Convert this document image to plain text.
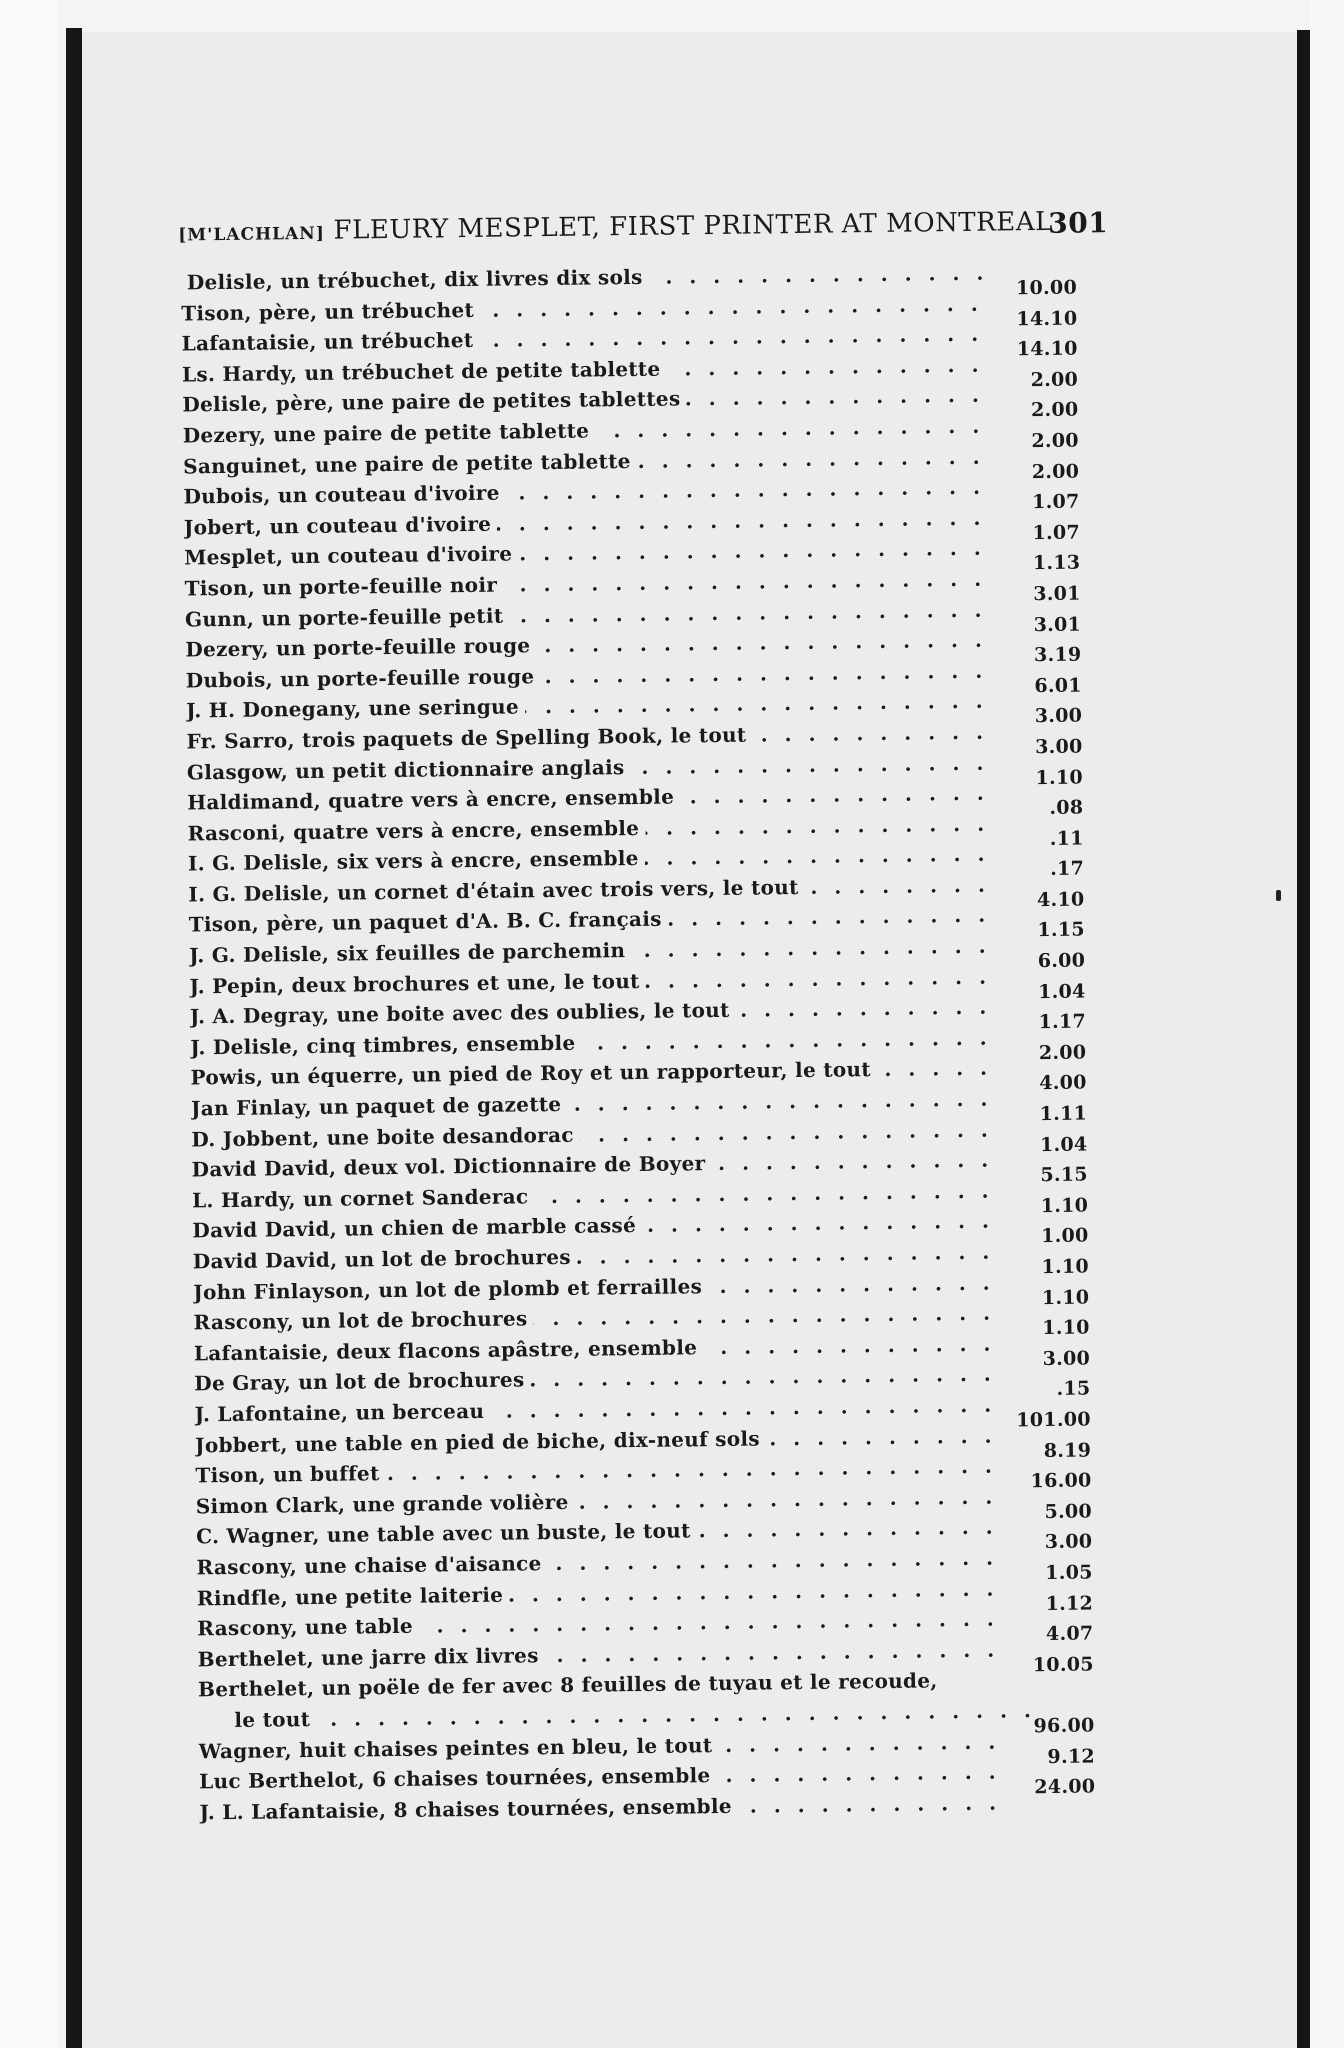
[M'LACHLAN] FLEURY MESPLET, FIRST PRINTER AT MONTREAL
301
Delisle, un trébuchet, dix livres dix sols . . .	10.00
Tison, père, un trébuchet . . .	14.10
Lafantaisie, un trébuchet . . .	14.10
Ls. Hardy, un trébuchet de petite tablette . . .	2.00
Delisle, père, une paire de petites tablettes . . .	2.00
Dezery, une paire de petite tablette . . .	2.00
Sanguinet, une paire de petite tablette . . .	2.00
Dubois, un couteau d'ivoire . . .	1.07
Jobert, un couteau d'ivoire . . .	1.07
Mesplet, un couteau d'ivoire . . .	1.13
Tison, un porte-feuille noir . . .	3.01
Gunn, un porte-feuille petit . . .	3.01
Dezery, un porte-feuille rouge . . .	3.19
Dubois, un porte-feuille rouge . . .	6.01
J. H. Donegany, une seringue . . .	3.00
Fr. Sarro, trois paquets de Spelling Book, le tout . . .	3.00
Glasgow, un petit dictionnaire anglais . . .	1.10
Haldimand, quatre vers à encre, ensemble . . .	.08
Rasconi, quatre vers à encre, ensemble . . .	.11
I. G. Delisle, six vers à encre, ensemble . . .	.17
I. G. Delisle, un cornet d'étain avec trois vers, le tout . . .	4.10
Tison, père, un paquet d'A. B. C. français . . .	1.15
J. G. Delisle, six feuilles de parchemin . . .	6.00
J. Pepin, deux brochures et une, le tout . . .	1.04
J. A. Degray, une boite avec des oublies, le tout . . .	1.17
J. Delisle, cinq timbres, ensemble . . .	2.00
Powis, un équerre, un pied de Roy et un rapporteur, le tout . . .	4.00
Jan Finlay, un paquet de gazette . . .	1.11
D. Jobbent, une boite desandorac . . .	1.04
David David, deux vol. Dictionnaire de Boyer . . .	5.15
L. Hardy, un cornet Sanderac . . .	1.10
David David, un chien de marble cassé . . .	1.00
David David, un lot de brochures . . .	1.10
John Finlayson, un lot de plomb et ferrailles . . .	1.10
Rascony, un lot de brochures . . .	1.10
Lafantaisie, deux flacons apâstre, ensemble . . .	3.00
De Gray, un lot de brochures . . .	.15
J. Lafontaine, un berceau . . .	101.00
Jobbert, une table en pied de biche, dix-neuf sols . . .	8.19
Tison, un buffet . . .	16.00
Simon Clark, une grande volière . . .	5.00
C. Wagner, une table avec un buste, le tout . . .	3.00
Rascony, une chaise d'aisance . . .	1.05
Rindfle, une petite laiterie . . .	1.12
Rascony, une table . . .	4.07
Berthelet, une jarre dix livres . . .	10.05
Berthelet, un poële de fer avec 8 feuilles de tuyau et le recoude,
le tout . . .	96.00
Wagner, huit chaises peintes en bleu, le tout . . .	9.12
Luc Berthelot, 6 chaises tournées, ensemble . . .	24.00
J. L. Lafantaisie, 8 chaises tournées, ensemble . . .
